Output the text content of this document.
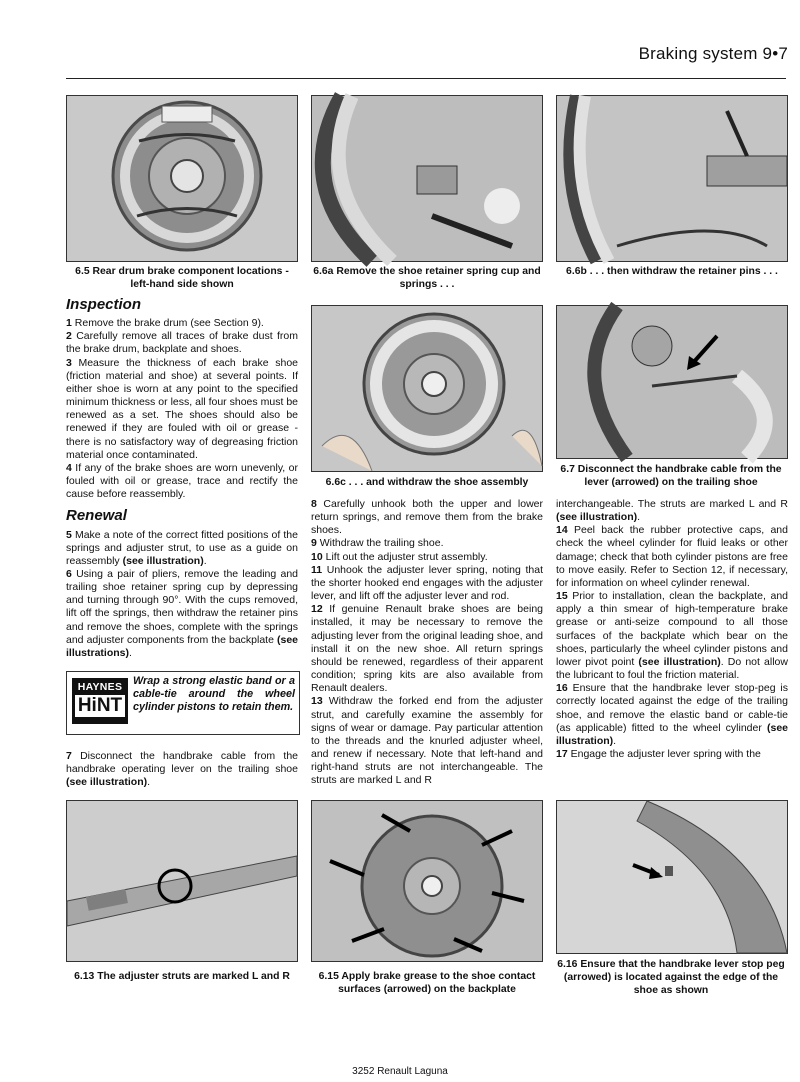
Braking system 9•7
6.5 Rear drum brake component locations - left-hand side shown
6.6a Remove the shoe retainer spring cup and springs . . .
6.6b . . . then withdraw the retainer pins . . .

Inspection

1 Remove the brake drum (see Section 9).

2 Carefully remove all traces of brake dust from the brake drum, backplate and shoes.

3 Measure the thickness of each brake shoe (friction material and shoe) at several points. If either shoe is worn at any point to the specified minimum thickness or less, all four shoes must be renewed as a set. The shoes should also be renewed if they are fouled with oil or grease - there is no satisfactory way of degreasing friction material once contaminated.

4 If any of the brake shoes are worn unevenly, or fouled with oil or grease, trace and rectify the cause before reassembly.

Renewal

5 Make a note of the correct fitted positions of the springs and adjuster strut, to use as a guide on reassembly (see illustration).

6 Using a pair of pliers, remove the leading and trailing shoe retainer spring cup by depressing and turning through 90°. With the cups removed, lift off the springs, then withdraw the retainer pins and remove the shoes, complete with the springs and adjuster components from the backplate (see illustrations).

HAYNES
HiNT
Wrap a strong elastic band or a cable-tie around the wheel cylinder pistons to retain them.

7 Disconnect the handbrake cable from the handbrake operating lever on the trailing shoe (see illustration).

6.6c . . . and withdraw the shoe assembly
6.7 Disconnect the handbrake cable from the lever (arrowed) on the trailing shoe

8 Carefully unhook both the upper and lower return springs, and remove them from the brake shoes.

9 Withdraw the trailing shoe.

10 Lift out the adjuster strut assembly.

11 Unhook the adjuster lever spring, noting that the shorter hooked end engages with the adjuster lever, and lift off the adjuster lever and rod.

12 If genuine Renault brake shoes are being installed, it may be necessary to remove the adjusting lever from the original leading shoe, and install it on the new shoe. All return springs should be renewed, regardless of their apparent condition; spring kits are also available from Renault dealers.

13 Withdraw the forked end from the adjuster strut, and carefully examine the assembly for signs of wear or damage. Pay particular attention to the threads and the knurled adjuster wheel, and renew if necessary. Note that left-hand and right-hand struts are not interchangeable. The struts are marked L and R

interchangeable. The struts are marked L and R (see illustration).

14 Peel back the rubber protective caps, and check the wheel cylinder for fluid leaks or other damage; check that both cylinder pistons are free to move easily. Refer to Section 12, if necessary, for information on wheel cylinder renewal.

15 Prior to installation, clean the backplate, and apply a thin smear of high-temperature brake grease or anti-seize compound to all those surfaces of the backplate which bear on the shoes, particularly the wheel cylinder pistons and lower pivot point (see illustration). Do not allow the lubricant to foul the friction material.

16 Ensure that the handbrake lever stop-peg is correctly located against the edge of the trailing shoe, and remove the elastic band or cable-tie (as applicable) fitted to the wheel cylinder (see illustration).

17 Engage the adjuster lever spring with the

6.13 The adjuster struts are marked L and R	6.15 Apply brake grease to the shoe contact surfaces (arrowed) on the backplate
6.16 Ensure that the handbrake lever stop peg (arrowed) is located against the edge of the shoe as shown
3252 Renault Laguna
